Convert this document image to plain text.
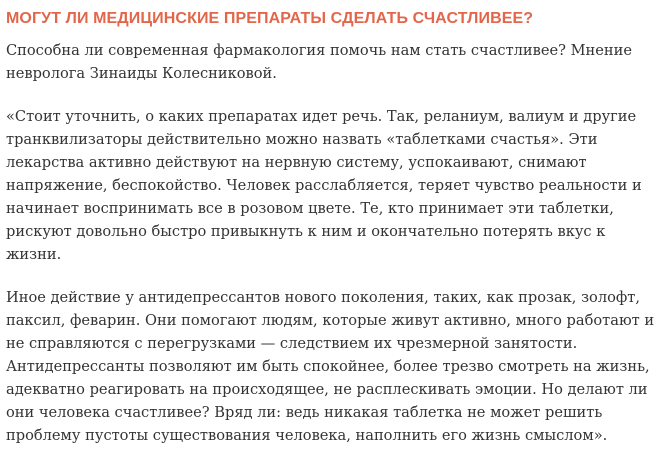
МОГУТ ЛИ МЕДИЦИНСКИЕ ПРЕПАРАТЫ СДЕЛАТЬ СЧАСТЛИВЕЕ?

Способна ли современная фармакология помочь нам стать счастливее? Мнение невролога Зинаиды Колесниковой.

«Стоит уточнить, о каких препаратах идет речь. Так, реланиум, валиум и другие транквилизаторы действительно можно назвать «таблетками счастья». Эти лекарства активно действуют на нервную систему, успокаивают, снимают напряжение, беспокойство. Человек расслабляется, теряет чувство реальности и начинает воспринимать все в розовом цвете. Те, кто принимает эти таблетки, рискуют довольно быстро привыкнуть к ним и окончательно потерять вкус к жизни.

Иное действие у антидепрессантов нового поколения, таких, как прозак, золофт, паксил, феварин. Они помогают людям, которые живут активно, много работают и не справляются с перегрузками — следствием их чрезмерной занятости. Антидепрессанты позволяют им быть спокойнее, более трезво смотреть на жизнь, адекватно реагировать на происходящее, не расплескивать эмоции. Но делают ли они человека счастливее? Вряд ли: ведь никакая таблетка не может решить проблему пустоты существования человека, наполнить его жизнь смыслом».
